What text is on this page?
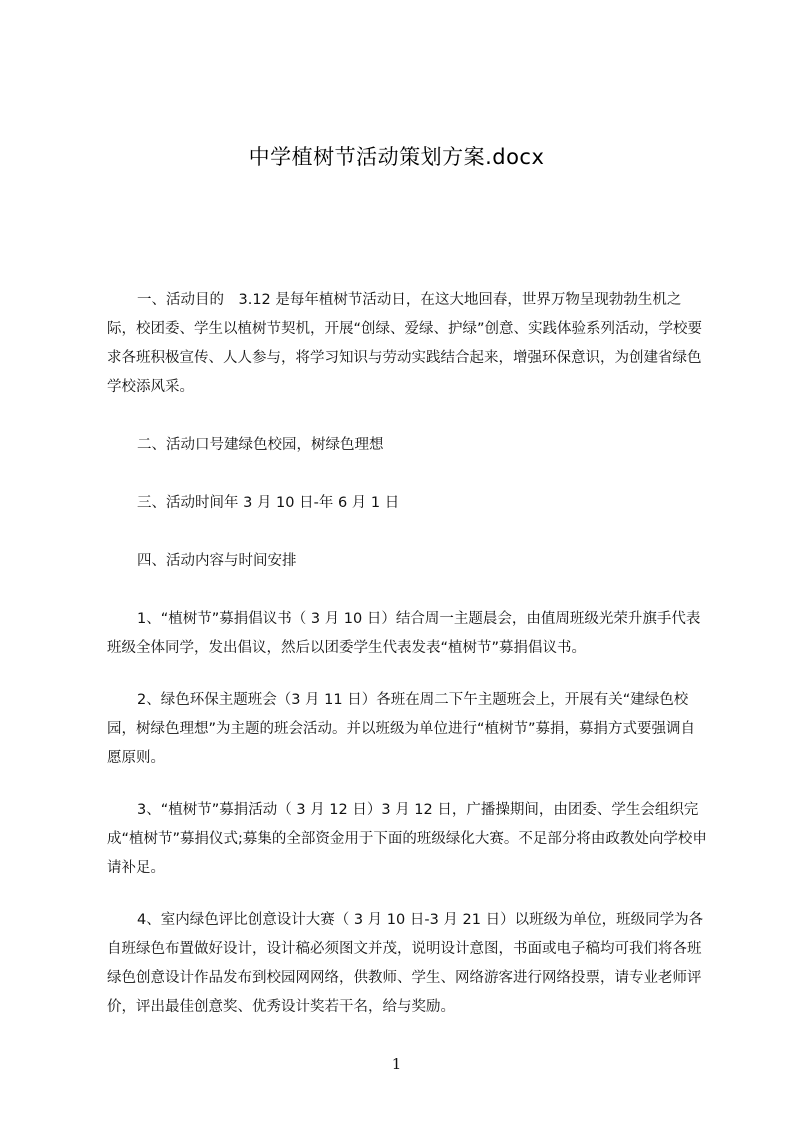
中学植树节活动策划方案.docx

一、活动目的　3.12 是每年植树节活动日，在这大地回春，世界万物呈现勃勃生机之际，校团委、学生以植树节契机，开展“创绿、爱绿、护绿”创意、实践体验系列活动，学校要求各班积极宣传、人人参与，将学习知识与劳动实践结合起来，增强环保意识，为创建省绿色学校添风采。

二、活动口号建绿色校园，树绿色理想

三、活动时间年 3 月 10 日-年 6 月 1 日

四、活动内容与时间安排

1、“植树节”募捐倡议书（ 3 月 10 日）结合周一主题晨会，由值周班级光荣升旗手代表班级全体同学，发出倡议，然后以团委学生代表发表“植树节”募捐倡议书。

2、绿色环保主题班会（3 月 11 日）各班在周二下午主题班会上，开展有关“建绿色校园，树绿色理想”为主题的班会活动。并以班级为单位进行“植树节”募捐，募捐方式要强调自愿原则。

3、“植树节”募捐活动（ 3 月 12 日）3 月 12 日，广播操期间，由团委、学生会组织完成“植树节”募捐仪式;募集的全部资金用于下面的班级绿化大赛。不足部分将由政教处向学校申请补足。

4、室内绿色评比创意设计大赛（ 3 月 10 日-3 月 21 日）以班级为单位，班级同学为各自班绿色布置做好设计，设计稿必须图文并茂，说明设计意图，书面或电子稿均可我们将各班绿色创意设计作品发布到校园网网络，供教师、学生、网络游客进行网络投票，请专业老师评价，评出最佳创意奖、优秀设计奖若干名，给与奖励。

1
